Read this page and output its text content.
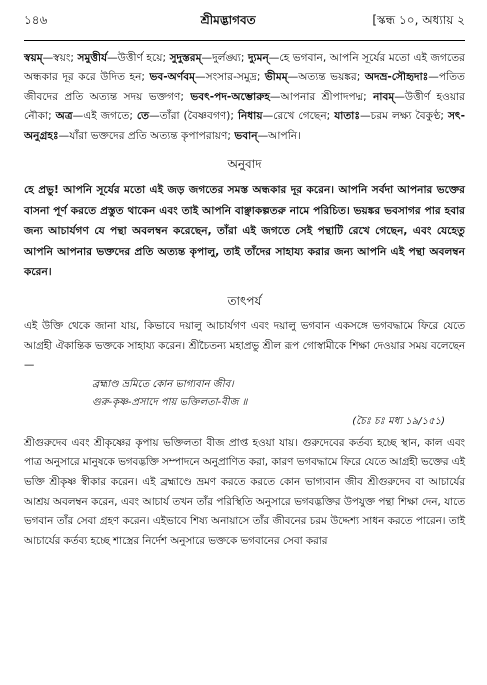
১৪৬	শ্রীমদ্ভাগবত	[স্কন্ধ ১০, অধ্যায় ২
স্বয়ম্—স্বয়ং; সমুত্তীর্য—উত্তীর্ণ হয়ে; সুদুস্তরম্—দুর্লঙ্ঘ্য; দ্যুমন্—হে ভগবান, আপনি সূর্যের মতো এই জগতের অন্ধকার দূর করে উদিত হন; ভব-অর্ণবম্—সংসার-সমুদ্র; ভীমম্—অত্যন্ত ভয়ঙ্কর; অদভ্র-সৌহৃদাঃ—পতিত জীবদের প্রতি অত্যন্ত সদয় ভক্তগণ; ভবৎ-পদ-অম্ভোরুহ—আপনার শ্রীপাদপদ্ম; নাবম্—উত্তীর্ণ হওয়ার নৌকা; অত্র—এই জগতে; তে—তাঁরা (বৈষ্ণবগণ); নিধায়—রেখে গেছেন; যাতাঃ—চরম লক্ষ্য বৈকুণ্ঠ; সৎ-অনুগ্রহঃ—যাঁরা ভক্তদের প্রতি অত্যন্ত কৃপাপরায়ণ; ভবান্—আপনি।
অনুবাদ

হে প্রভু! আপনি সূর্যের মতো এই জড় জগতের সমস্ত অন্ধকার দূর করেন। আপনি সর্বদা আপনার ভক্তের বাসনা পূর্ণ করতে প্রস্তুত থাকেন এবং তাই আপনি বাঞ্ছাকল্পতরু নামে পরিচিত। ভয়ঙ্কর ভবসাগর পার হবার জন্য আচার্যগণ যে পন্থা অবলম্বন করেছেন, তাঁরা এই জগতে সেই পন্থাটি রেখে গেছেন, এবং যেহেতু আপনি আপনার ভক্তদের প্রতি অত্যন্ত কৃপালু, তাই তাঁদের সাহায্য করার জন্য আপনি এই পন্থা অবলম্বন করেন।

তাৎপর্য

এই উক্তি থেকে জানা যায়, কিভাবে দয়ালু আচার্যগণ এবং দয়ালু ভগবান একসঙ্গে ভগবদ্ধামে ফিরে যেতে আগ্রহী ঐকান্তিক ভক্তকে সাহায্য করেন। শ্রীচৈতন্য মহাপ্রভু শ্রীল রূপ গোস্বামীকে শিক্ষা দেওয়ার সময় বলেছেন—

ব্রহ্মাণ্ড ভ্রমিতে কোন ভাগ্যবান জীব।
গুরু-কৃষ্ণ-প্রসাদে পায় ভক্তিলতা-বীজ ॥
(চৈঃ চঃ মধ্য ১৯/১৫১)

শ্রীগুরুদেব এবং শ্রীকৃষ্ণের কৃপায় ভক্তিলতা বীজ প্রাপ্ত হওয়া যায়। গুরুদেবের কর্তব্য হচ্ছে স্থান, কাল এবং পাত্র অনুসারে মানুষকে ভগবদ্ভক্তি সম্পাদনে অনুপ্রাণিত করা, কারণ ভগবদ্ধামে ফিরে যেতে আগ্রহী ভক্তের এই ভক্তি শ্রীকৃষ্ণ স্বীকার করেন। এই ব্রহ্মাণ্ডে ভ্রমণ করতে করতে কোন ভাগ্যবান জীব শ্রীগুরুদেব বা আচার্যের আশ্রয় অবলম্বন করেন, এবং আচার্য তখন তাঁর পরিস্থিতি অনুসারে ভগবদ্ভক্তির উপযুক্ত পন্থা শিক্ষা দেন, যাতে ভগবান তাঁর সেবা গ্রহণ করেন। এইভাবে শিষ্য অনায়াসে তাঁর জীবনের চরম উদ্দেশ্য সাধন করতে পারেন। তাই আচার্যের কর্তব্য হচ্ছে শাস্ত্রের নির্দেশ অনুসারে ভক্তকে ভগবানের সেবা করার
